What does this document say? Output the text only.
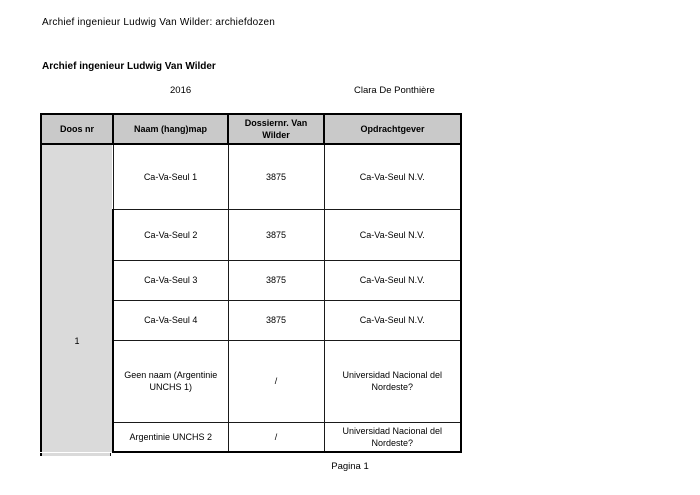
Archief ingenieur Ludwig Van Wilder: archiefdozen
Archief ingenieur Ludwig Van Wilder
2016	Clara De Ponthière
Doos nr	Naam (hang)map	Dossiernr. Van Wilder	Opdrachtgever

1	Ca-Va-Seul 1	3875	Ca-Va-Seul N.V.
	Ca-Va-Seul 2	3875	Ca-Va-Seul N.V.
	Ca-Va-Seul 3	3875	Ca-Va-Seul N.V.
	Ca-Va-Seul 4	3875	Ca-Va-Seul N.V.
	Geen naam (Argentinie UNCHS 1)	/	Universidad Nacional del Nordeste?
	Argentinie UNCHS 2	/	Universidad Nacional del Nordeste?
Pagina 1
